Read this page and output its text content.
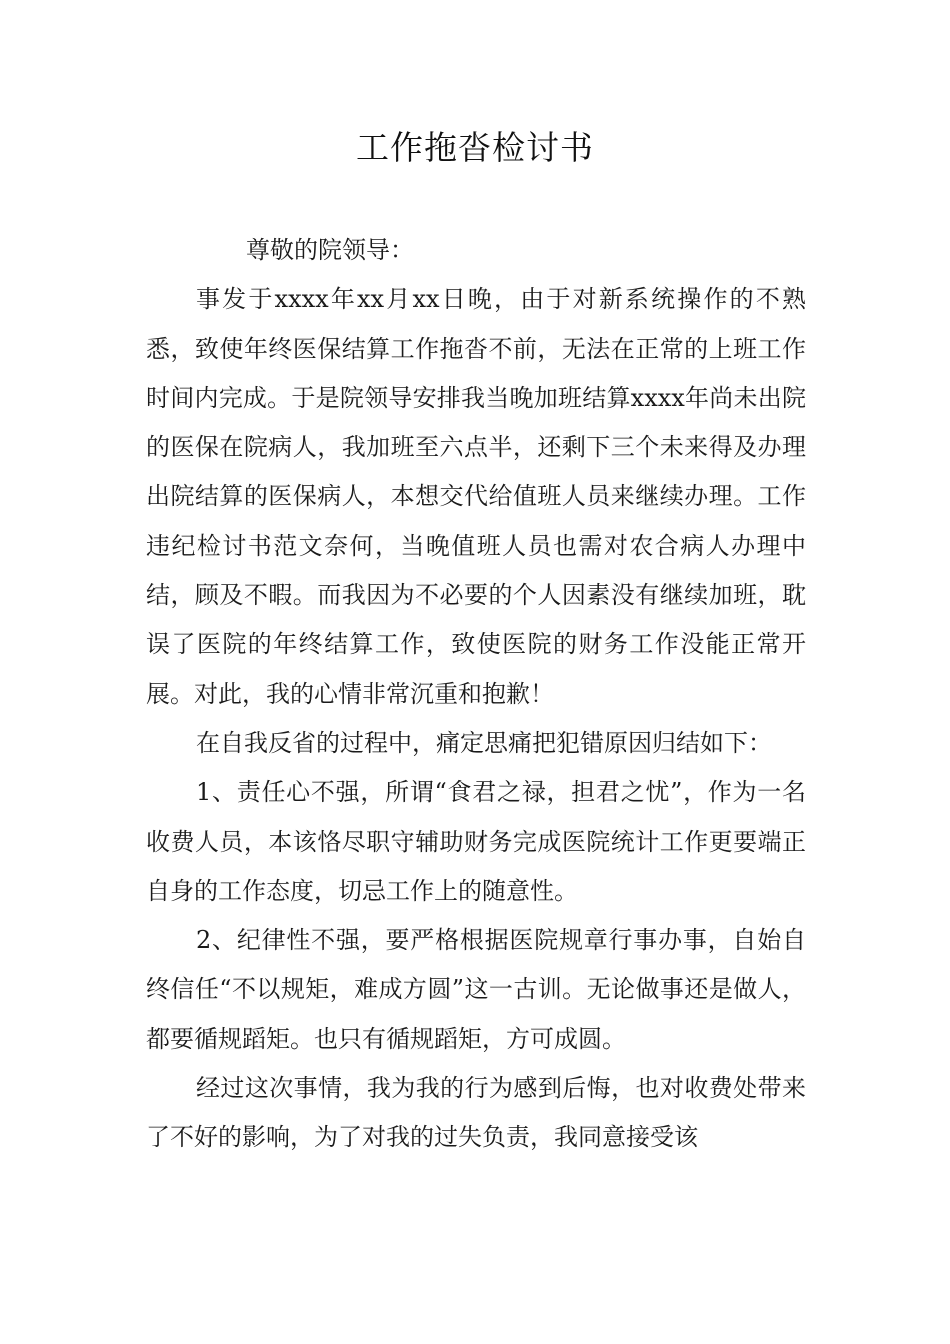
工作拖沓检讨书

尊敬的院领导：

事发于xxxx年xx月xx日晚，由于对新系统操作的不熟悉，致使年终医保结算工作拖沓不前，无法在正常的上班工作时间内完成。于是院领导安排我当晚加班结算xxxx年尚未出院的医保在院病人，我加班至六点半，还剩下三个未来得及办理出院结算的医保病人，本想交代给值班人员来继续办理。工作违纪检讨书范文奈何，当晚值班人员也需对农合病人办理中结，顾及不暇。而我因为不必要的个人因素没有继续加班，耽误了医院的年终结算工作，致使医院的财务工作没能正常开展。对此，我的心情非常沉重和抱歉！

在自我反省的过程中，痛定思痛把犯错原因归结如下：

1、责任心不强，所谓“食君之禄，担君之忧”，作为一名收费人员，本该恪尽职守辅助财务完成医院统计工作更要端正自身的工作态度，切忌工作上的随意性。

2、纪律性不强，要严格根据医院规章行事办事，自始自终信任“不以规矩，难成方圆”这一古训。无论做事还是做人，都要循规蹈矩。也只有循规蹈矩，方可成圆。

经过这次事情，我为我的行为感到后悔，也对收费处带来了不好的影响，为了对我的过失负责，我同意接受该
